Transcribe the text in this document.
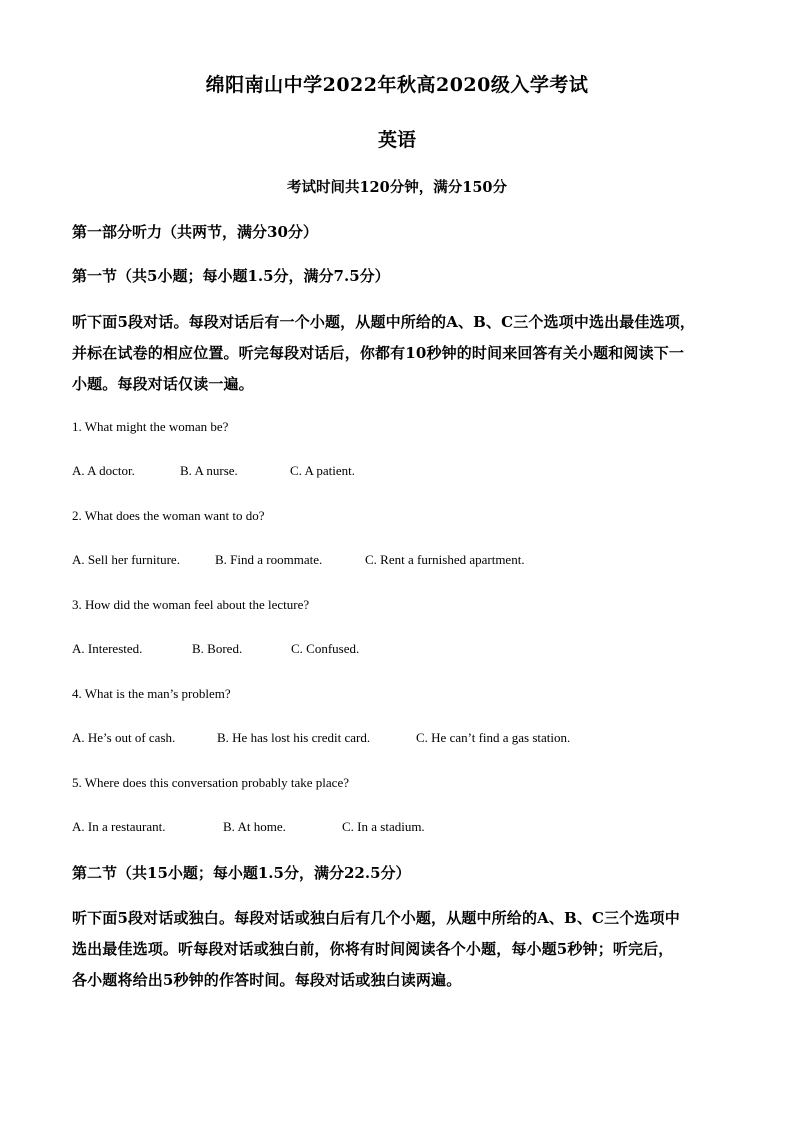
绵阳南山中学2022年秋高2020级入学考试
英语
考试时间共120分钟，满分150分
第一部分听力（共两节，满分30分）
第一节（共5小题；每小题1.5分，满分7.5分）
听下面5段对话。每段对话后有一个小题，从题中所给的A、B、C三个选项中选出最佳选项，
并标在试卷的相应位置。听完每段对话后，你都有10秒钟的时间来回答有关小题和阅读下一
小题。每段对话仅读一遍。
1. What might the woman be?
A. A doctor.	B. A nurse.	C. A patient.
2. What does the woman want to do?
A. Sell her furniture.	B. Find a roommate.	C. Rent a furnished apartment.
3. How did the woman feel about the lecture?
A. Interested.	B. Bored.	C. Confused.
4. What is the man’s problem?
A. He’s out of cash.	B. He has lost his credit card.	C. He can’t find a gas station.
5. Where does this conversation probably take place?
A. In a restaurant.	B. At home.	C. In a stadium.
第二节（共15小题；每小题1.5分，满分22.5分）
听下面5段对话或独白。每段对话或独白后有几个小题，从题中所给的A、B、C三个选项中
选出最佳选项。听每段对话或独白前，你将有时间阅读各个小题，每小题5秒钟；听完后，
各小题将给出5秒钟的作答时间。每段对话或独白读两遍。
